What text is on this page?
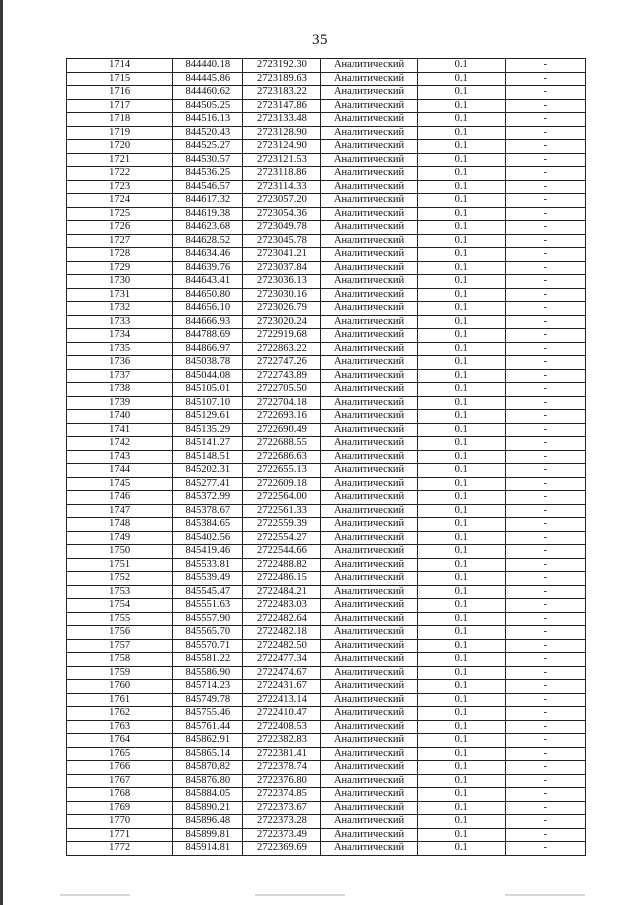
35
1714	844440.18	2723192.30	Аналитический	0.1	-
1715	844445.86	2723189.63	Аналитический	0.1	-
1716	844460.62	2723183.22	Аналитический	0.1	-
1717	844505.25	2723147.86	Аналитический	0.1	-
1718	844516.13	2723133.48	Аналитический	0.1	-
1719	844520.43	2723128.90	Аналитический	0.1	-
1720	844525.27	2723124.90	Аналитический	0.1	-
1721	844530.57	2723121.53	Аналитический	0.1	-
1722	844536.25	2723118.86	Аналитический	0.1	-
1723	844546.57	2723114.33	Аналитический	0.1	-
1724	844617.32	2723057.20	Аналитический	0.1	-
1725	844619.38	2723054.36	Аналитический	0.1	-
1726	844623.68	2723049.78	Аналитический	0.1	-
1727	844628.52	2723045.78	Аналитический	0.1	-
1728	844634.46	2723041.21	Аналитический	0.1	-
1729	844639.76	2723037.84	Аналитический	0.1	-
1730	844643.41	2723036.13	Аналитический	0.1	-
1731	844650.80	2723030.16	Аналитический	0.1	-
1732	844656.10	2723026.79	Аналитический	0.1	-
1733	844666.93	2723020.24	Аналитический	0.1	-
1734	844788.69	2722919.68	Аналитический	0.1	-
1735	844866.97	2722863.22	Аналитический	0.1	-
1736	845038.78	2722747.26	Аналитический	0.1	-
1737	845044.08	2722743.89	Аналитический	0.1	-
1738	845105.01	2722705.50	Аналитический	0.1	-
1739	845107.10	2722704.18	Аналитический	0.1	-
1740	845129.61	2722693.16	Аналитический	0.1	-
1741	845135.29	2722690.49	Аналитический	0.1	-
1742	845141.27	2722688.55	Аналитический	0.1	-
1743	845148.51	2722686.63	Аналитический	0.1	-
1744	845202.31	2722655.13	Аналитический	0.1	-
1745	845277.41	2722609.18	Аналитический	0.1	-
1746	845372.99	2722564.00	Аналитический	0.1	-
1747	845378.67	2722561.33	Аналитический	0.1	-
1748	845384.65	2722559.39	Аналитический	0.1	-
1749	845402.56	2722554.27	Аналитический	0.1	-
1750	845419.46	2722544.66	Аналитический	0.1	-
1751	845533.81	2722488.82	Аналитический	0.1	-
1752	845539.49	2722486.15	Аналитический	0.1	-
1753	845545.47	2722484.21	Аналитический	0.1	-
1754	845551.63	2722483.03	Аналитический	0.1	-
1755	845557.90	2722482.64	Аналитический	0.1	-
1756	845565.70	2722482.18	Аналитический	0.1	-
1757	845570.71	2722482.50	Аналитический	0.1	-
1758	845581.22	2722477.34	Аналитический	0.1	-
1759	845586.90	2722474.67	Аналитический	0.1	-
1760	845714.23	2722431.67	Аналитический	0.1	-
1761	845749.78	2722413.14	Аналитический	0.1	-
1762	845755.46	2722410.47	Аналитический	0.1	-
1763	845761.44	2722408.53	Аналитический	0.1	-
1764	845862.91	2722382.83	Аналитический	0.1	-
1765	845865.14	2722381.41	Аналитический	0.1	-
1766	845870.82	2722378.74	Аналитический	0.1	-
1767	845876.80	2722376.80	Аналитический	0.1	-
1768	845884.05	2722374.85	Аналитический	0.1	-
1769	845890.21	2722373.67	Аналитический	0.1	-
1770	845896.48	2722373.28	Аналитический	0.1	-
1771	845899.81	2722373.49	Аналитический	0.1	-
1772	845914.81	2722369.69	Аналитический	0.1	-
